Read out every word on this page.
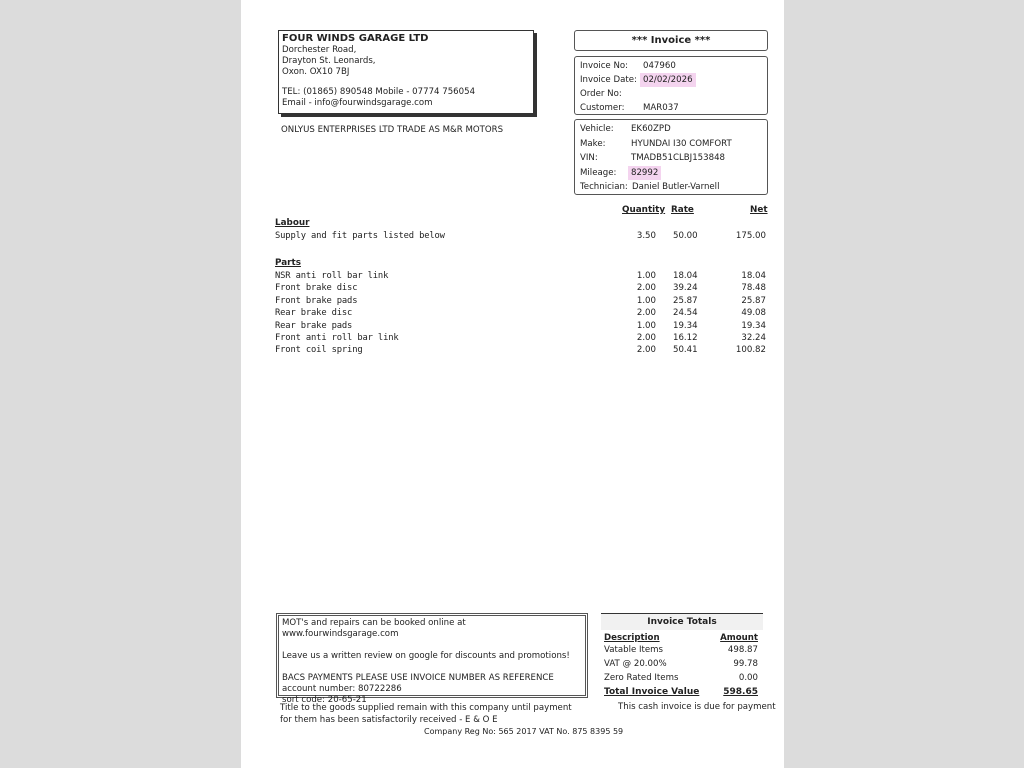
FOUR WINDS GARAGE LTD
Dorchester Road,
Drayton St. Leonards,
Oxon. OX10 7BJ
TEL: (01865) 890548 Mobile - 07774 756054
Email - info@fourwindsgarage.com
ONLYUS ENTERPRISES LTD TRADE AS M&R MOTORS
*** Invoice ***
Invoice No: 047960
Invoice Date: 02/02/2026
Order No:
Customer: MAR037
Vehicle: EK60ZPD
Make:	HYUNDAI I30 COMFORT
VIN:	TMADB51CLBJ153848
Mileage:	82992
Technician: Daniel Butler-Varnell
Quantity Rate	Net
Labour
Supply and fit parts listed below	3.50 50.00	175.00
Parts
NSR anti roll bar link	1.00 18.04	18.04
Front brake disc	2.00 39.24	78.48
Front brake pads	1.00 25.87	25.87
Rear brake disc	2.00 24.54	49.08
Rear brake pads	1.00 19.34	19.34
Front anti roll bar link	2.00 16.12	32.24
Front coil spring	2.00 50.41	100.82
MOT's and repairs can be booked online at www.fourwindsgarage.com
Leave us a written review on google for discounts and promotions!
BACS PAYMENTS PLEASE USE INVOICE NUMBER AS REFERENCE
account number: 80722286
sort code: 20-65-21
Invoice Totals
Description	Amount
Vatable Items	498.87
VAT @ 20.00%	99.78
Zero Rated Items	0.00
Total Invoice Value	598.65
This cash invoice is due for payment
Title to the goods supplied remain with this company until payment
for them has been satisfactorily received - E & O E
Company Reg No: 565 2017 VAT No. 875 8395 59
